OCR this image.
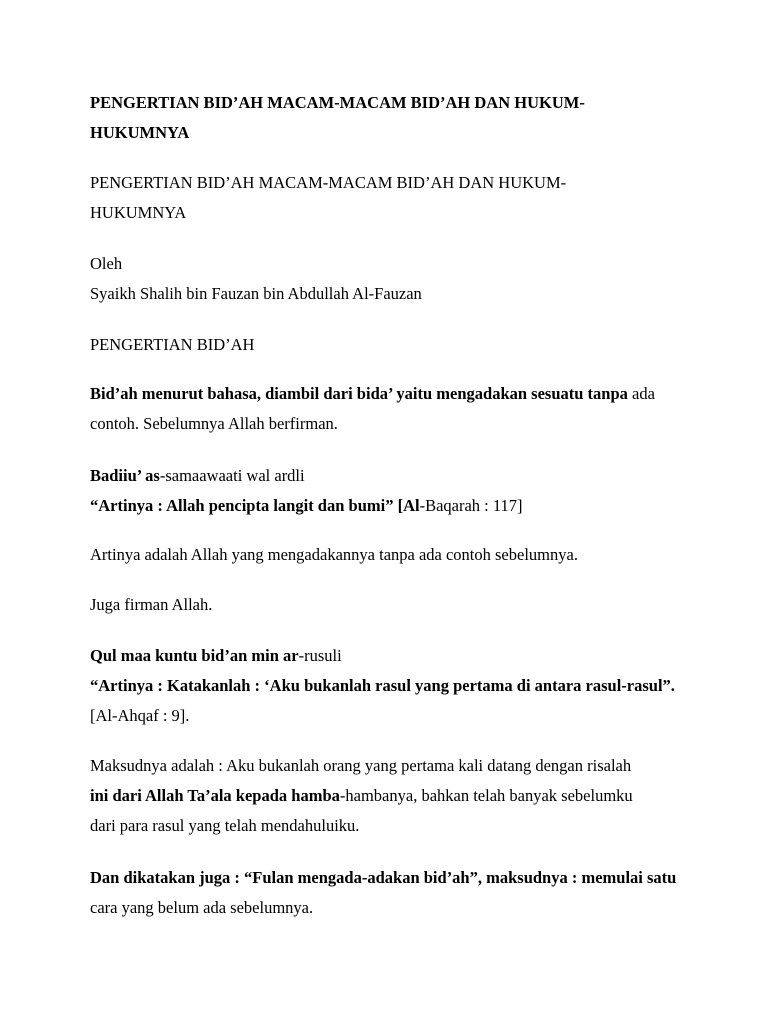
PENGERTIAN BID’AH MACAM-MACAM BID’AH DAN HUKUM-
HUKUMNYA
PENGERTIAN BID’AH MACAM-MACAM BID’AH DAN HUKUM-
HUKUMNYA
Oleh
Syaikh Shalih bin Fauzan bin Abdullah Al-Fauzan
PENGERTIAN BID’AH
Bid’ah menurut bahasa, diambil dari bida’ yaitu mengadakan sesuatu tanpa ada
contoh. Sebelumnya Allah berfirman.
Badiiu’ as-samaawaati wal ardli
“Artinya : Allah pencipta langit dan bumi” [Al-Baqarah : 117]
Artinya adalah Allah yang mengadakannya tanpa ada contoh sebelumnya.
Juga firman Allah.
Qul maa kuntu bid’an min ar-rusuli
“Artinya : Katakanlah : ‘Aku bukanlah rasul yang pertama di antara rasul-rasul”.
[Al-Ahqaf : 9].
Maksudnya adalah : Aku bukanlah orang yang pertama kali datang dengan risalah
ini dari Allah Ta’ala kepada hamba-hambanya, bahkan telah banyak sebelumku
dari para rasul yang telah mendahuluiku.
Dan dikatakan juga : “Fulan mengada-adakan bid’ah”, maksudnya : memulai satu
cara yang belum ada sebelumnya.
